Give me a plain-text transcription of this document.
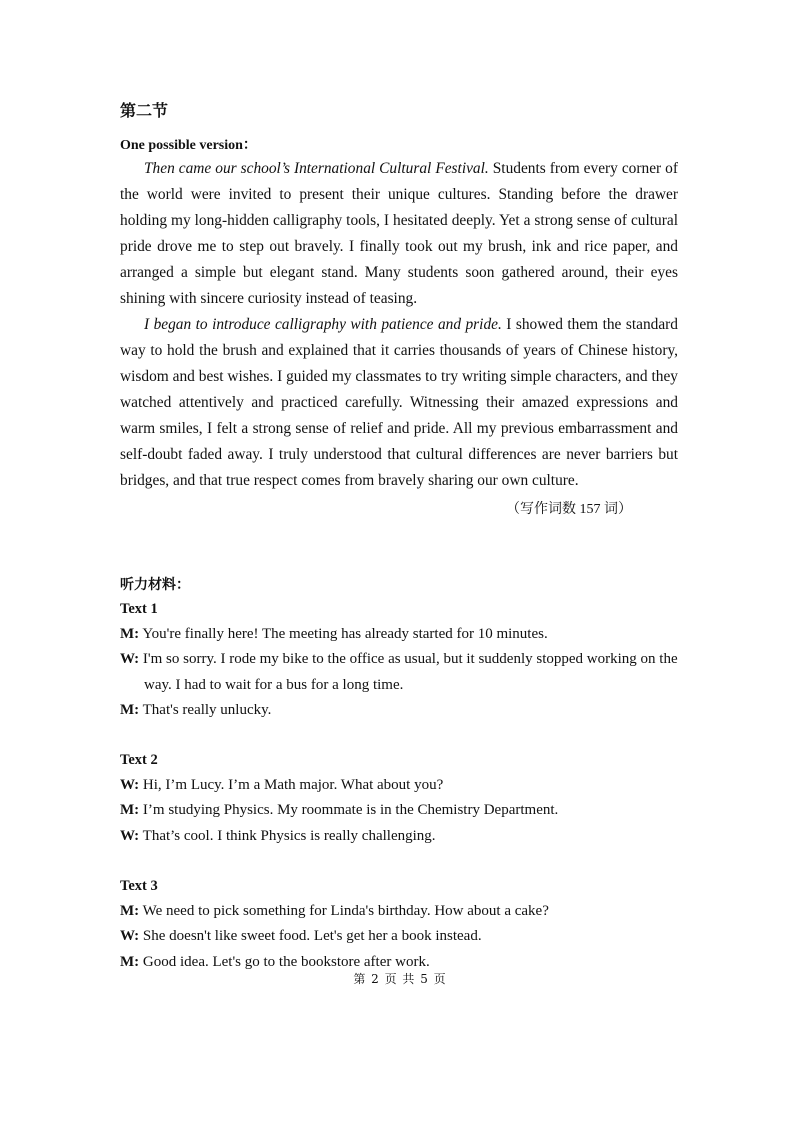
第二节
One possible version：

Then came our school’s International Cultural Festival. Students from every corner of the world were invited to present their unique cultures. Standing before the drawer holding my long-hidden calligraphy tools, I hesitated deeply. Yet a strong sense of cultural pride drove me to step out bravely. I finally took out my brush, ink and rice paper, and arranged a simple but elegant stand. Many students soon gathered around, their eyes shining with sincere curiosity instead of teasing.

I began to introduce calligraphy with patience and pride. I showed them the standard way to hold the brush and explained that it carries thousands of years of Chinese history, wisdom and best wishes. I guided my classmates to try writing simple characters, and they watched attentively and practiced carefully. Witnessing their amazed expressions and warm smiles, I felt a strong sense of relief and pride. All my previous embarrassment and self-doubt faded away. I truly understood that cultural differences are never barriers but bridges, and that true respect comes from bravely sharing our own culture.

（写作词数 157 词）
听力材料：
Text 1
M: You're finally here! The meeting has already started for 10 minutes.
W: I'm so sorry. I rode my bike to the office as usual, but it suddenly stopped working on the way. I had to wait for a bus for a long time.
M: That's really unlucky.
Text 2
W: Hi, I’m Lucy. I’m a Math major. What about you?
M: I’m studying Physics. My roommate is in the Chemistry Department.
W: That’s cool. I think Physics is really challenging.
Text 3
M: We need to pick something for Linda's birthday. How about a cake?
W: She doesn't like sweet food. Let's get her a book instead.
M: Good idea. Let's go to the bookstore after work.
第 2 页 共 5 页
